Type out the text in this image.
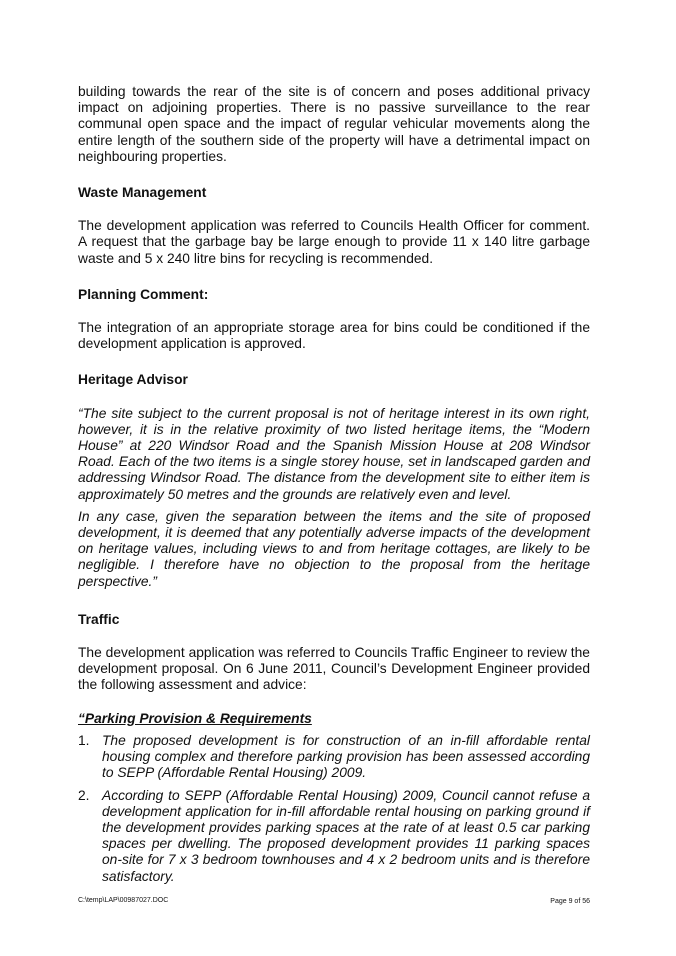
building towards the rear of the site is of concern and poses additional privacy impact on adjoining properties. There is no passive surveillance to the rear communal open space and the impact of regular vehicular movements along the entire length of the southern side of the property will have a detrimental impact on neighbouring properties.

Waste Management

The development application was referred to Councils Health Officer for comment. A request that the garbage bay be large enough to provide 11 x 140 litre garbage waste and 5 x 240 litre bins for recycling is recommended.

Planning Comment:

The integration of an appropriate storage area for bins could be conditioned if the development application is approved.

Heritage Advisor

“The site subject to the current proposal is not of heritage interest in its own right, however, it is in the relative proximity of two listed heritage items, the “Modern House” at 220 Windsor Road and the Spanish Mission House at 208 Windsor Road. Each of the two items is a single storey house, set in landscaped garden and addressing Windsor Road. The distance from the development site to either item is approximately 50 metres and the grounds are relatively even and level.

In any case, given the separation between the items and the site of proposed development, it is deemed that any potentially adverse impacts of the development on heritage values, including views to and from heritage cottages, are likely to be negligible. I therefore have no objection to the proposal from the heritage perspective.”

Traffic

The development application was referred to Councils Traffic Engineer to review the development proposal. On 6 June 2011, Council’s Development Engineer provided the following assessment and advice:

“Parking Provision & Requirements

1. The proposed development is for construction of an in-fill affordable rental housing complex and therefore parking provision has been assessed according to SEPP (Affordable Rental Housing) 2009.
2. According to SEPP (Affordable Rental Housing) 2009, Council cannot refuse a development application for in-fill affordable rental housing on parking ground if the development provides parking spaces at the rate of at least 0.5 car parking spaces per dwelling. The proposed development provides 11 parking spaces on-site for 7 x 3 bedroom townhouses and 4 x 2 bedroom units and is therefore satisfactory.
C:\temp\LAP\00987027.DOC	Page 9 of 56
